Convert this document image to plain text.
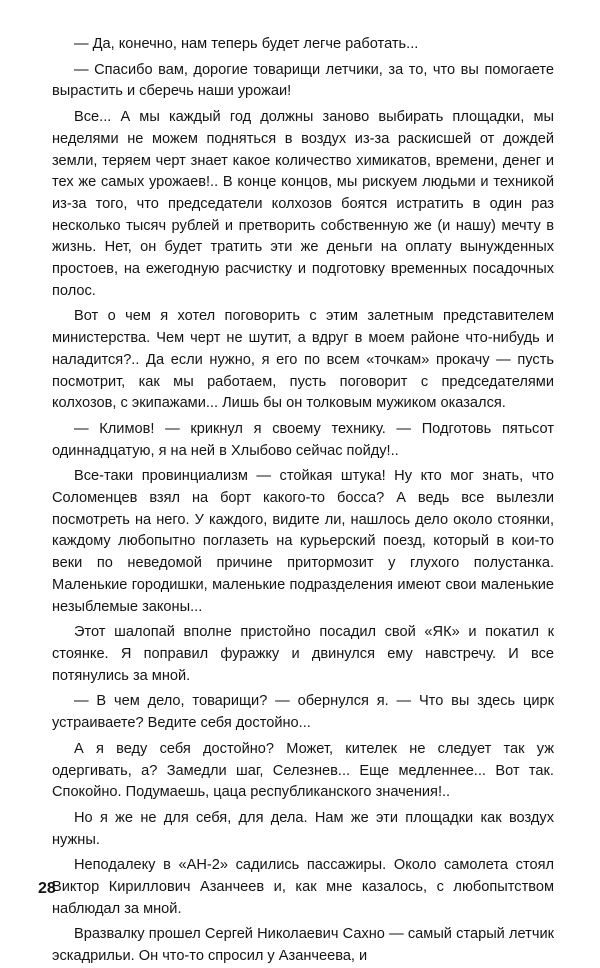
— Да, конечно, нам теперь будет легче работать...

— Спасибо вам, дорогие товарищи летчики, за то, что вы помогаете вырастить и сберечь наши урожаи!

Все... А мы каждый год должны заново выбирать площадки, мы неделями не можем подняться в воздух из-за раскисшей от дождей земли, теряем черт знает какое количество химикатов, времени, денег и тех же самых урожаев!.. В конце концов, мы рискуем людьми и техникой из-за того, что председатели колхозов боятся истратить в один раз несколько тысяч рублей и претворить собственную же (и нашу) мечту в жизнь. Нет, он будет тратить эти же деньги на оплату вынужденных простоев, на ежегодную расчистку и подготовку временных посадочных полос.

Вот о чем я хотел поговорить с этим залетным представителем министерства. Чем черт не шутит, а вдруг в моем районе что-нибудь и наладится?.. Да если нужно, я его по всем «точкам» прокачу — пусть посмотрит, как мы работаем, пусть поговорит с председателями колхозов, с экипажами... Лишь бы он толковым мужиком оказался.

— Климов! — крикнул я своему технику. — Подготовь пятьсот одиннадцатую, я на ней в Хлыбово сейчас пойду!..

Все-таки провинциализм — стойкая штука! Ну кто мог знать, что Соломенцев взял на борт какого-то босса? А ведь все вылезли посмотреть на него. У каждого, видите ли, нашлось дело около стоянки, каждому любопытно поглазеть на курьерский поезд, который в кои-то веки по неведомой причине притормозит у глухого полустанка. Маленькие городишки, маленькие подразделения имеют свои маленькие незыблемые законы...

Этот шалопай вполне пристойно посадил свой «ЯК» и покатил к стоянке. Я поправил фуражку и двинулся ему навстречу. И все потянулись за мной.

— В чем дело, товарищи? — обернулся я. — Что вы здесь цирк устраиваете? Ведите себя достойно...

А я веду себя достойно? Может, кителек не следует так уж одергивать, а? Замедли шаг, Селезнев... Еще медленнее... Вот так. Спокойно. Подумаешь, цаца республиканского значения!..

Но я же не для себя, для дела. Нам же эти площадки как воздух нужны.

Неподалеку в «АН-2» садились пассажиры. Около самолета стоял Виктор Кириллович Азанчеев и, как мне казалось, с любопытством наблюдал за мной.

Вразвалку прошел Сергей Николаевич Сахно — самый старый летчик эскадрильи. Он что-то спросил у Азанчеева, и

28
